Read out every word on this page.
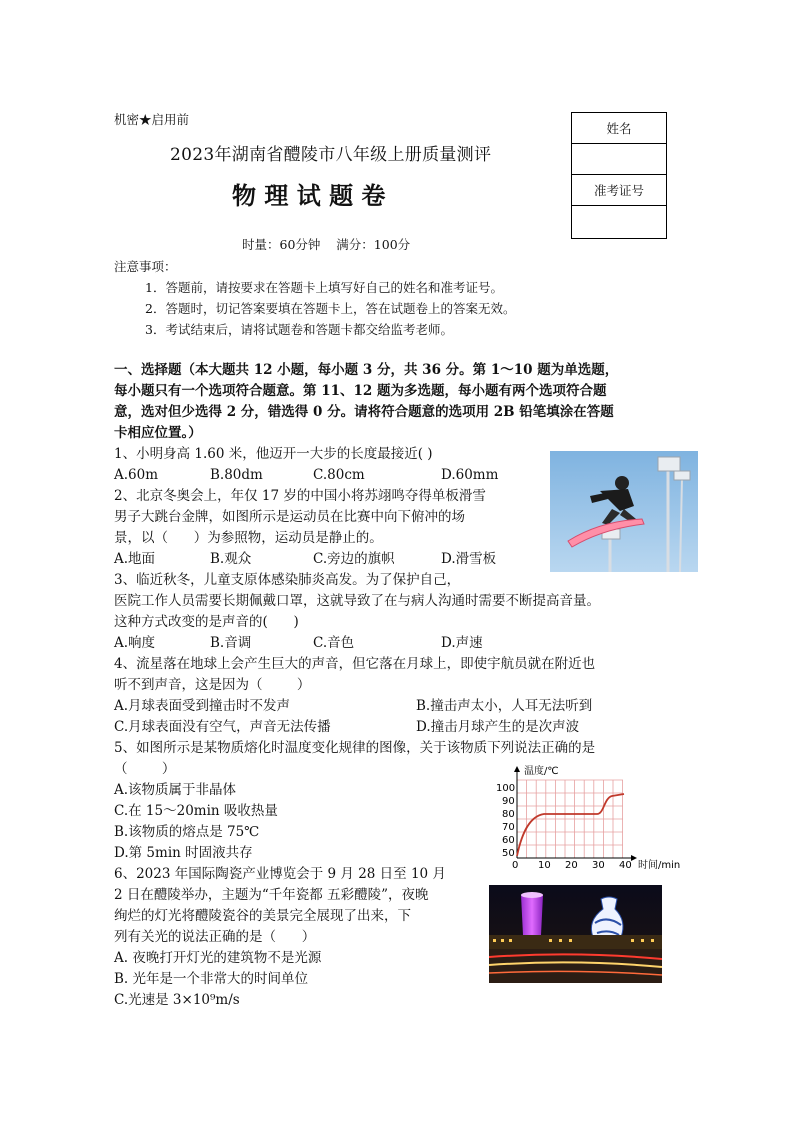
机密★启用前
2023年湖南省醴陵市八年级上册质量测评
物 理 试 题 卷
时量：60分钟    满分：100分
姓名
准考证号
注意事项：
1．答题前，请按要求在答题卡上填写好自己的姓名和准考证号。
2．答题时，切记答案要填在答题卡上，答在试题卷上的答案无效。
3．考试结束后，请将试题卷和答题卡都交给监考老师。
一、选择题（本大题共 12 小题，每小题 3 分，共 36 分。第 1～10 题为单选题，
每小题只有一个选项符合题意。第 11、12 题为多选题，每小题有两个选项符合题
意，选对但少选得 2 分，错选得 0 分。请将符合题意的选项用 2B 铅笔填涂在答题
卡相应位置。）
1、小明身高 1.60 米，他迈开一大步的长度最接近( )
A.60m	B.80dm	C.80cm	D.60mm
2、北京冬奥会上，年仅 17 岁的中国小将苏翊鸣夺得单板滑雪
男子大跳台金牌，如图所示是运动员在比赛中向下俯冲的场
景，以（      ）为参照物，运动员是静止的。
A.地面	B.观众	C.旁边的旗帜	D.滑雪板
3、临近秋冬，儿童支原体感染肺炎高发。为了保护自己，
医院工作人员需要长期佩戴口罩，这就导致了在与病人沟通时需要不断提高音量。
这种方式改变的是声音的(      )
A.响度	B.音调	C.音色	D.声速
4、流星落在地球上会产生巨大的声音，但它落在月球上，即使宇航员就在附近也
听不到声音，这是因为（        ）
A.月球表面受到撞击时不发声	B.撞击声太小，人耳无法听到
C.月球表面没有空气，声音无法传播	D.撞击月球产生的是次声波
5、如图所示是某物质熔化时温度变化规律的图像，关于该物质下列说法正确的是
（        ）
A.该物质属于非晶体
C.在 15～20min 吸收热量
B.该物质的熔点是 75℃
D.第 5min 时固液共存
温度/℃
时间/min
100
90
80
70
60
50
0 10 20 30 40
6、2023 年国际陶瓷产业博览会于 9 月 28 日至 10 月
2 日在醴陵举办，主题为“千年瓷都 五彩醴陵”，夜晚
绚烂的灯光将醴陵瓷谷的美景完全展现了出来，下
列有关光的说法正确的是（      ）
A. 夜晚打开灯光的建筑物不是光源
B. 光年是一个非常大的时间单位
C.光速是 3×10⁹m/s
